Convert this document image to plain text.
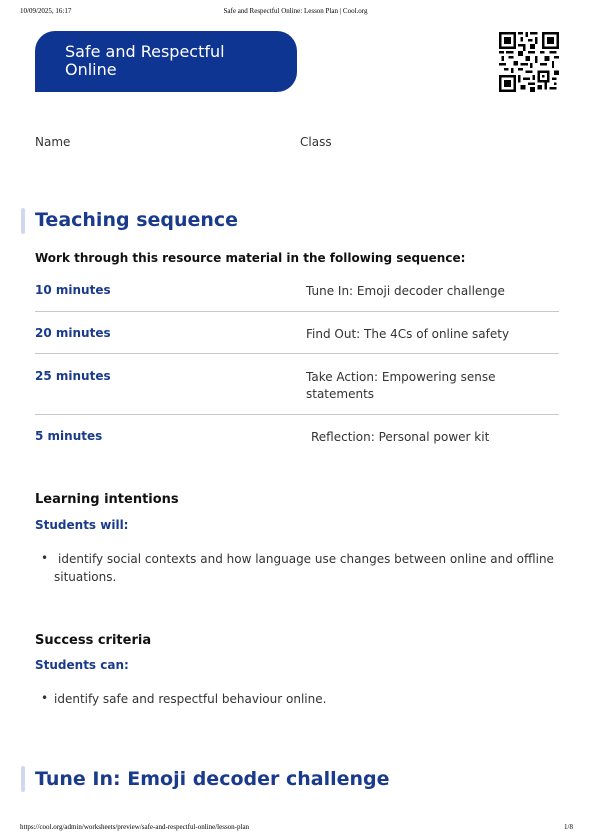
10/09/2025, 16:17	Safe and Respectful Online: Lesson Plan | Cool.org
Safe and Respectful
Online
Name	Class
Teaching sequence
Work through this resource material in the following sequence:
10 minutes	Tune In: Emoji decoder challenge
20 minutes	Find Out: The 4Cs of online safety
25 minutes	Take Action: Empowering sense
statements
5 minutes	Reflection: Personal power kit
Learning intentions
Students will:
• identify social contexts and how language use changes between online and offline
situations.
Success criteria
Students can:
• identify safe and respectful behaviour online.
Tune In: Emoji decoder challenge
https://cool.org/admin/worksheets/preview/safe-and-respectful-online/lesson-plan	1/8
